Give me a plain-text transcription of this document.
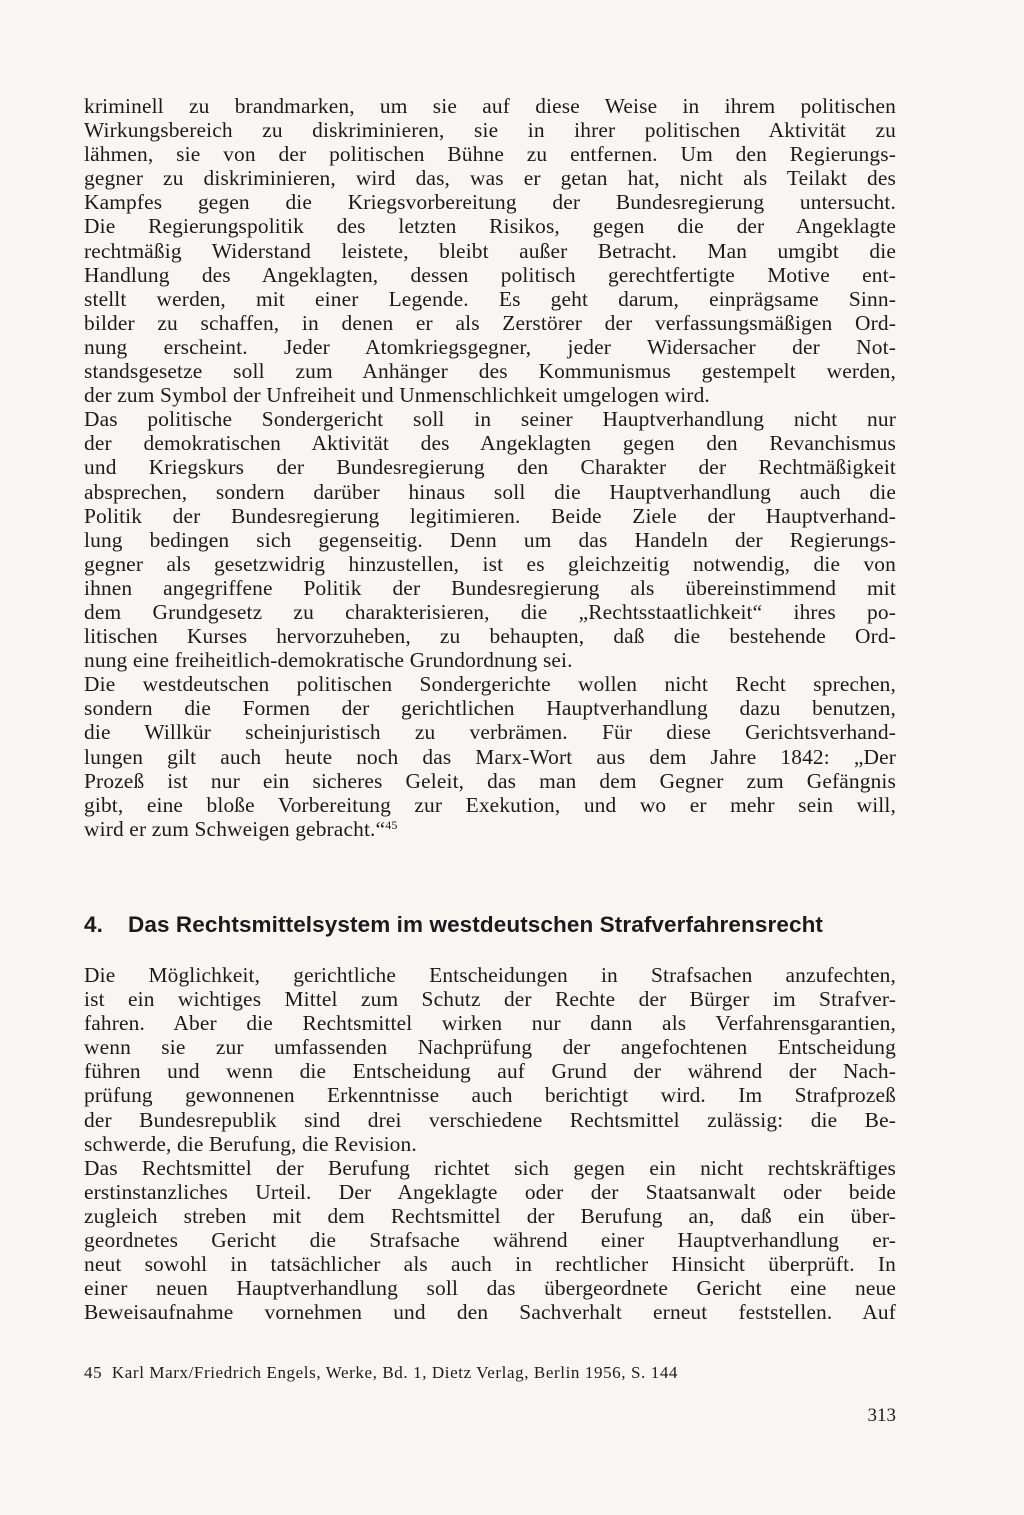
kriminell zu brandmarken, um sie auf diese Weise in ihrem politischen
Wirkungsbereich zu diskriminieren, sie in ihrer politischen Aktivität zu
lähmen, sie von der politischen Bühne zu entfernen. Um den Regierungs-
gegner zu diskriminieren, wird das, was er getan hat, nicht als Teilakt des
Kampfes gegen die Kriegsvorbereitung der Bundesregierung untersucht.
Die Regierungspolitik des letzten Risikos, gegen die der Angeklagte
rechtmäßig Widerstand leistete, bleibt außer Betracht. Man umgibt die
Handlung des Angeklagten, dessen politisch gerechtfertigte Motive ent-
stellt werden, mit einer Legende. Es geht darum, einprägsame Sinn-
bilder zu schaffen, in denen er als Zerstörer der verfassungsmäßigen Ord-
nung erscheint. Jeder Atomkriegsgegner, jeder Widersacher der Not-
standsgesetze soll zum Anhänger des Kommunismus gestempelt werden,
der zum Symbol der Unfreiheit und Unmenschlichkeit umgelogen wird.

Das politische Sondergericht soll in seiner Hauptverhandlung nicht nur
der demokratischen Aktivität des Angeklagten gegen den Revanchismus
und Kriegskurs der Bundesregierung den Charakter der Rechtmäßigkeit
absprechen, sondern darüber hinaus soll die Hauptverhandlung auch die
Politik der Bundesregierung legitimieren. Beide Ziele der Hauptverhand-
lung bedingen sich gegenseitig. Denn um das Handeln der Regierungs-
gegner als gesetzwidrig hinzustellen, ist es gleichzeitig notwendig, die von
ihnen angegriffene Politik der Bundesregierung als übereinstimmend mit
dem Grundgesetz zu charakterisieren, die „Rechtsstaatlichkeit“ ihres po-
litischen Kurses hervorzuheben, zu behaupten, daß die bestehende Ord-
nung eine freiheitlich-demokratische Grundordnung sei.

Die westdeutschen politischen Sondergerichte wollen nicht Recht sprechen,
sondern die Formen der gerichtlichen Hauptverhandlung dazu benutzen,
die Willkür scheinjuristisch zu verbrämen. Für diese Gerichtsverhand-
lungen gilt auch heute noch das Marx-Wort aus dem Jahre 1842: „Der
Prozeß ist nur ein sicheres Geleit, das man dem Gegner zum Gefängnis
gibt, eine bloße Vorbereitung zur Exekution, und wo er mehr sein will,
wird er zum Schweigen gebracht.“$^{45}$

4. Das Rechtsmittelsystem im westdeutschen Strafverfahrensrecht

Die Möglichkeit, gerichtliche Entscheidungen in Strafsachen anzufechten,
ist ein wichtiges Mittel zum Schutz der Rechte der Bürger im Strafver-
fahren. Aber die Rechtsmittel wirken nur dann als Verfahrensgarantien,
wenn sie zur umfassenden Nachprüfung der angefochtenen Entscheidung
führen und wenn die Entscheidung auf Grund der während der Nach-
prüfung gewonnenen Erkenntnisse auch berichtigt wird. Im Strafprozeß
der Bundesrepublik sind drei verschiedene Rechtsmittel zulässig: die Be-
schwerde, die Berufung, die Revision.

Das Rechtsmittel der Berufung richtet sich gegen ein nicht rechtskräftiges
erstinstanzliches Urteil. Der Angeklagte oder der Staatsanwalt oder beide
zugleich streben mit dem Rechtsmittel der Berufung an, daß ein über-
geordnetes Gericht die Strafsache während einer Hauptverhandlung er-
neut sowohl in tatsächlicher als auch in rechtlicher Hinsicht überprüft. In
einer neuen Hauptverhandlung soll das übergeordnete Gericht eine neue
Beweisaufnahme vornehmen und den Sachverhalt erneut feststellen. Auf

45 Karl Marx/Friedrich Engels, Werke, Bd. 1, Dietz Verlag, Berlin 1956, S. 144
313
